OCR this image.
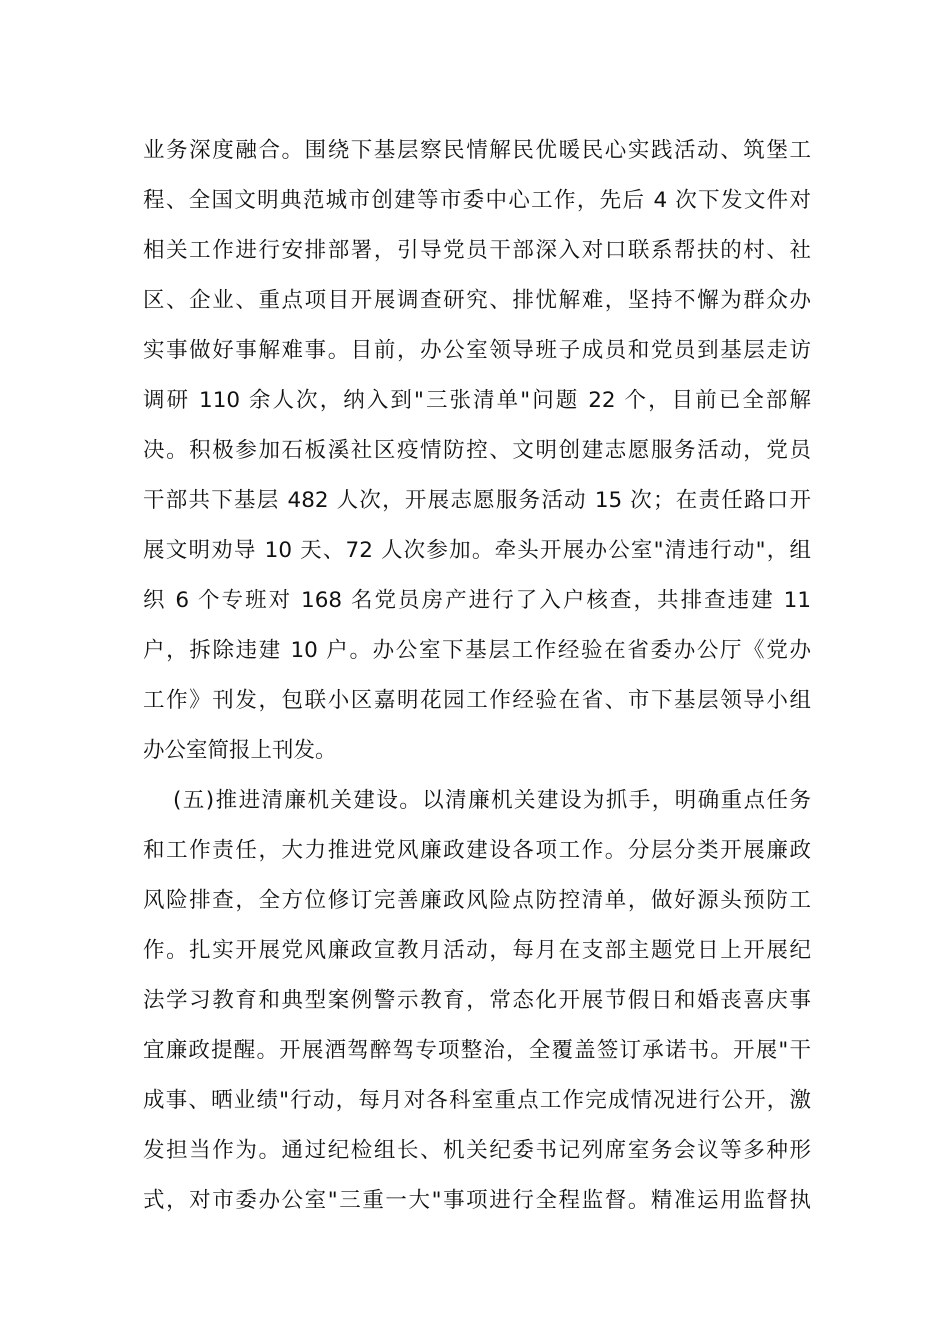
业务深度融合。围绕下基层察民情解民优暖民心实践活动、筑堡工
程、全国文明典范城市创建等市委中心工作，先后 4 次下发文件对
相关工作进行安排部署，引导党员干部深入对口联系帮扶的村、社
区、企业、重点项目开展调查研究、排忧解难，坚持不懈为群众办
实事做好事解难事。目前，办公室领导班子成员和党员到基层走访
调研 110 余人次，纳入到"三张清单"问题 22 个，目前已全部解
决。积极参加石板溪社区疫情防控、文明创建志愿服务活动，党员
干部共下基层 482 人次，开展志愿服务活动 15 次；在责任路口开
展文明劝导 10 天、72 人次参加。牵头开展办公室"清违行动"，组
织 6 个专班对 168 名党员房产进行了入户核查，共排查违建 11
户，拆除违建 10 户。办公室下基层工作经验在省委办公厅《党办
工作》刊发，包联小区嘉明花园工作经验在省、市下基层领导小组
办公室简报上刊发。
(五)推进清廉机关建设。以清廉机关建设为抓手，明确重点任务
和工作责任，大力推进党风廉政建设各项工作。分层分类开展廉政
风险排查，全方位修订完善廉政风险点防控清单，做好源头预防工
作。扎实开展党风廉政宣教月活动，每月在支部主题党日上开展纪
法学习教育和典型案例警示教育，常态化开展节假日和婚丧喜庆事
宜廉政提醒。开展酒驾醉驾专项整治，全覆盖签订承诺书。开展"干
成事、晒业绩"行动，每月对各科室重点工作完成情况进行公开，激
发担当作为。通过纪检组长、机关纪委书记列席室务会议等多种形
式，对市委办公室"三重一大"事项进行全程监督。精准运用监督执
